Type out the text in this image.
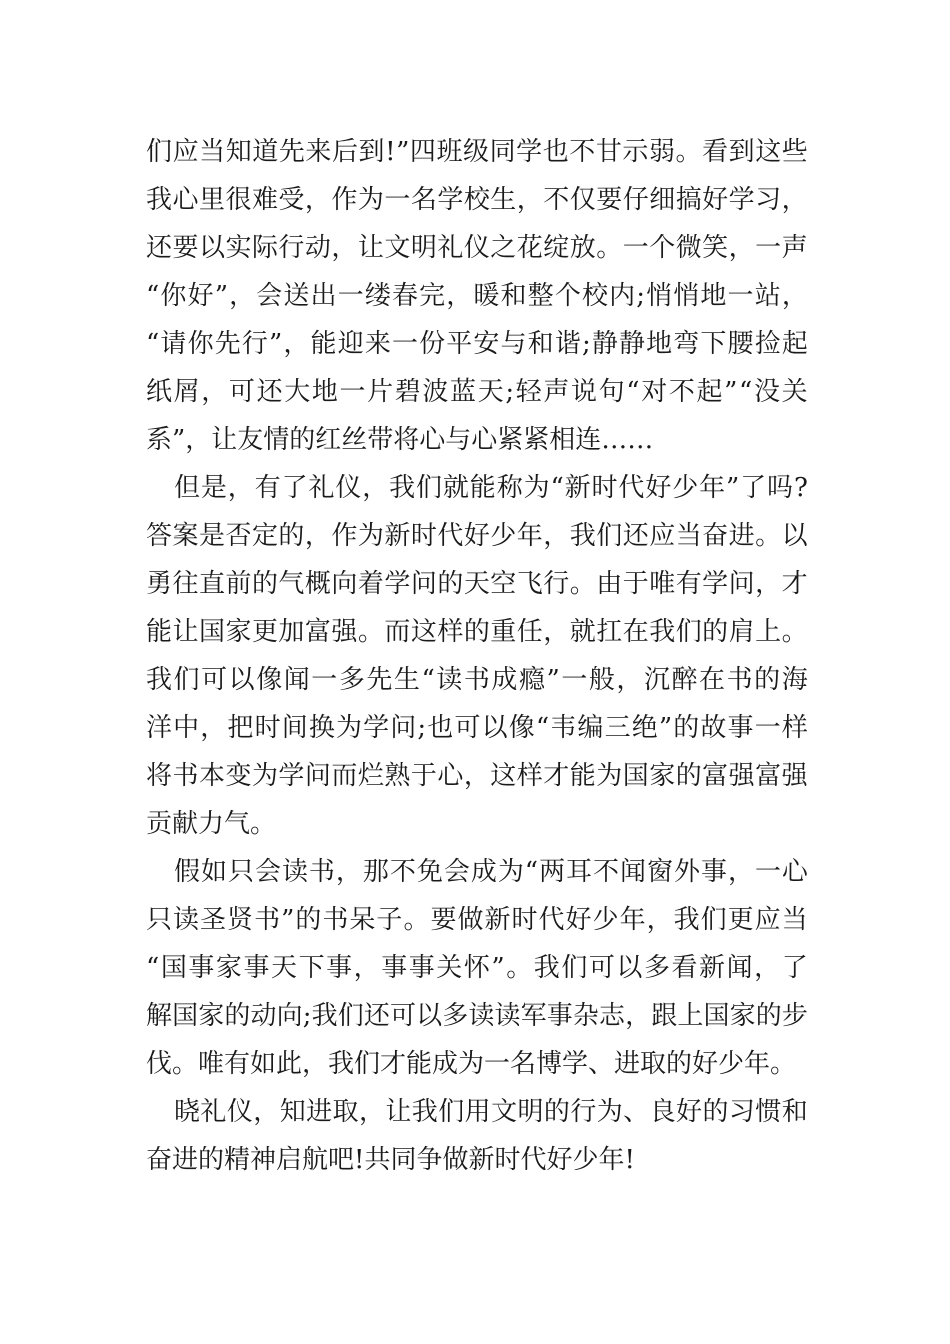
们 应 当 知 道 先 来 后 到 ! ” 四 班 级 同 学 也 不 甘 示 弱 。 看 到 这 些
我 心 里 很 难 受 ， 作 为 一 名 学 校 生 ， 不 仅 要 仔 细 搞 好 学 习 ，
还 要 以 实 际 行 动 ， 让 文 明 礼 仪 之 花 绽 放 。 一 个 微 笑 ， 一 声
“ 你 好 ” ， 会 送 出 一 缕 春 完 ， 暖 和 整 个 校 内 ; 悄 悄 地 一 站 ，
“ 请 你 先 行 ” ， 能 迎 来 一 份 平 安 与 和 谐 ; 静 静 地 弯 下 腰 捡 起
纸 屑 ， 可 还 大 地 一 片 碧 波 蓝 天 ; 轻 声 说 句 “ 对 不 起 ” “ 没 关
系”，让友情的红丝带将心与心紧紧相连……
但 是 ， 有 了 礼 仪 ， 我 们 就 能 称 为 “ 新 时 代 好 少 年 ” 了 吗 ?
答 案 是 否 定 的 ， 作 为 新 时 代 好 少 年 ， 我 们 还 应 当 奋 进 。 以
勇 往 直 前 的 气 概 向 着 学 问 的 天 空 飞 行 。 由 于 唯 有 学 问 ， 才
能 让 国 家 更 加 富 强 。 而 这 样 的 重 任 ， 就 扛 在 我 们 的 肩 上 。
我 们 可 以 像 闻 一 多 先 生 “ 读 书 成 瘾 ” 一 般 ， 沉 醉 在 书 的 海
洋 中 ， 把 时 间 换 为 学 问 ; 也 可 以 像 “ 韦 编 三 绝 ” 的 故 事 一 样
将 书 本 变 为 学 问 而 烂 熟 于 心 ， 这 样 才 能 为 国 家 的 富 强 富 强
贡献力气。
假 如 只 会 读 书 ， 那 不 免 会 成 为 “ 两 耳 不 闻 窗 外 事 ， 一 心
只 读 圣 贤 书 ” 的 书 呆 子 。 要 做 新 时 代 好 少 年 ， 我 们 更 应 当
“ 国 事 家 事 天 下 事 ， 事 事 关 怀 ” 。 我 们 可 以 多 看 新 闻 ， 了
解 国 家 的 动 向 ; 我 们 还 可 以 多 读 读 军 事 杂 志 ， 跟 上 国 家 的 步
伐。唯有如此，我们才能成为一名博学、进取的好少年。
晓 礼 仪 ， 知 进 取 ， 让 我 们 用 文 明 的 行 为 、 良 好 的 习 惯 和
奋进的精神启航吧!共同争做新时代好少年!
